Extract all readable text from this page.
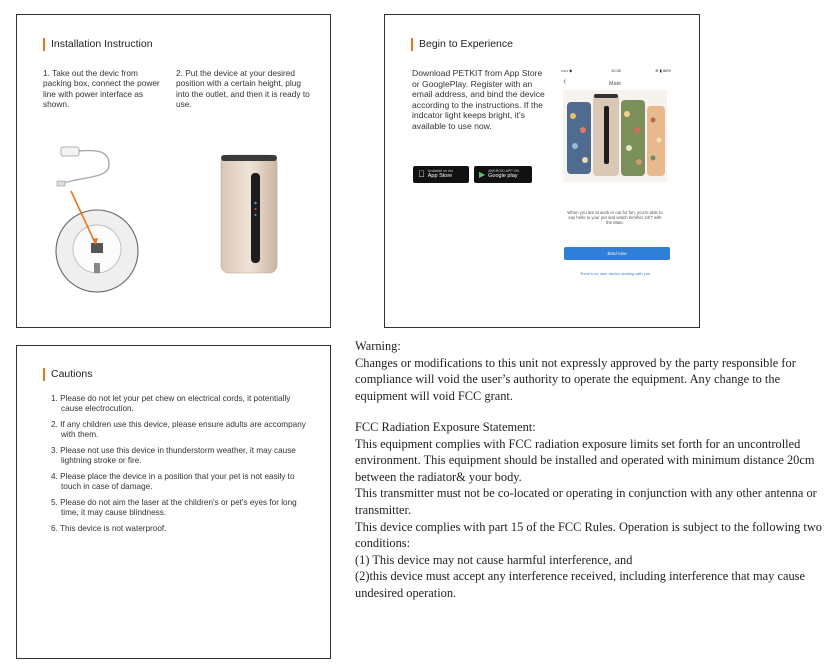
Installation Instruction
1. Take out the devic from packing box, connect the power line with power interface as shown.
2. Put the device at your desired position with a certain height, plug into the outlet, and then it is ready to use.
Begin to Experience
Download PETKIT from App Store or GooglePlay. Register with an email address, and bind the device according to the instructions. If the indcator light keeps bright, it's available to use now.
Available on the
App Store	▶ ANDROID APP ON
Google play
••••• ◆	10:30	⊕ ▮ 88%
‹	Mate
When you are at work or out for fun, you're able to say hello to your pet and watch him/her 24/7 with the Mate.
Bind now
There's no user device sharing with you
Cautions
1. Please do not let your pet chew on electrical cords, it potentially cause electrocution.
2. If any children use this device, please ensure adults are accompany with them.
3. Please not use this device in thunderstorm weather, it may cause lightning stroke or fire.
4. Please place the device in a position that your pet is not easily to touch in case of damage.
5. Please do not aim the laser at the children's or pet's eyes for long time, it may cause blindness.
6. This device is not waterproof.

Warning:

Changes or modifications to this unit not expressly approved by the party responsible for compliance will void the user’s authority to operate the equipment. Any change to the equipment will void FCC grant.

FCC Radiation Exposure Statement:

This equipment complies with FCC radiation exposure limits set forth for an uncontrolled environment. This equipment should be installed and operated with minimum distance 20cm between the radiator& your body.

This transmitter must not be co-located or operating in conjunction with any other antenna or transmitter.

This device complies with part 15 of the FCC Rules. Operation is subject to the following two

conditions:

(1) This device may not cause harmful interference, and

(2)this device must accept any interference received, including interference that may cause undesired operation.
